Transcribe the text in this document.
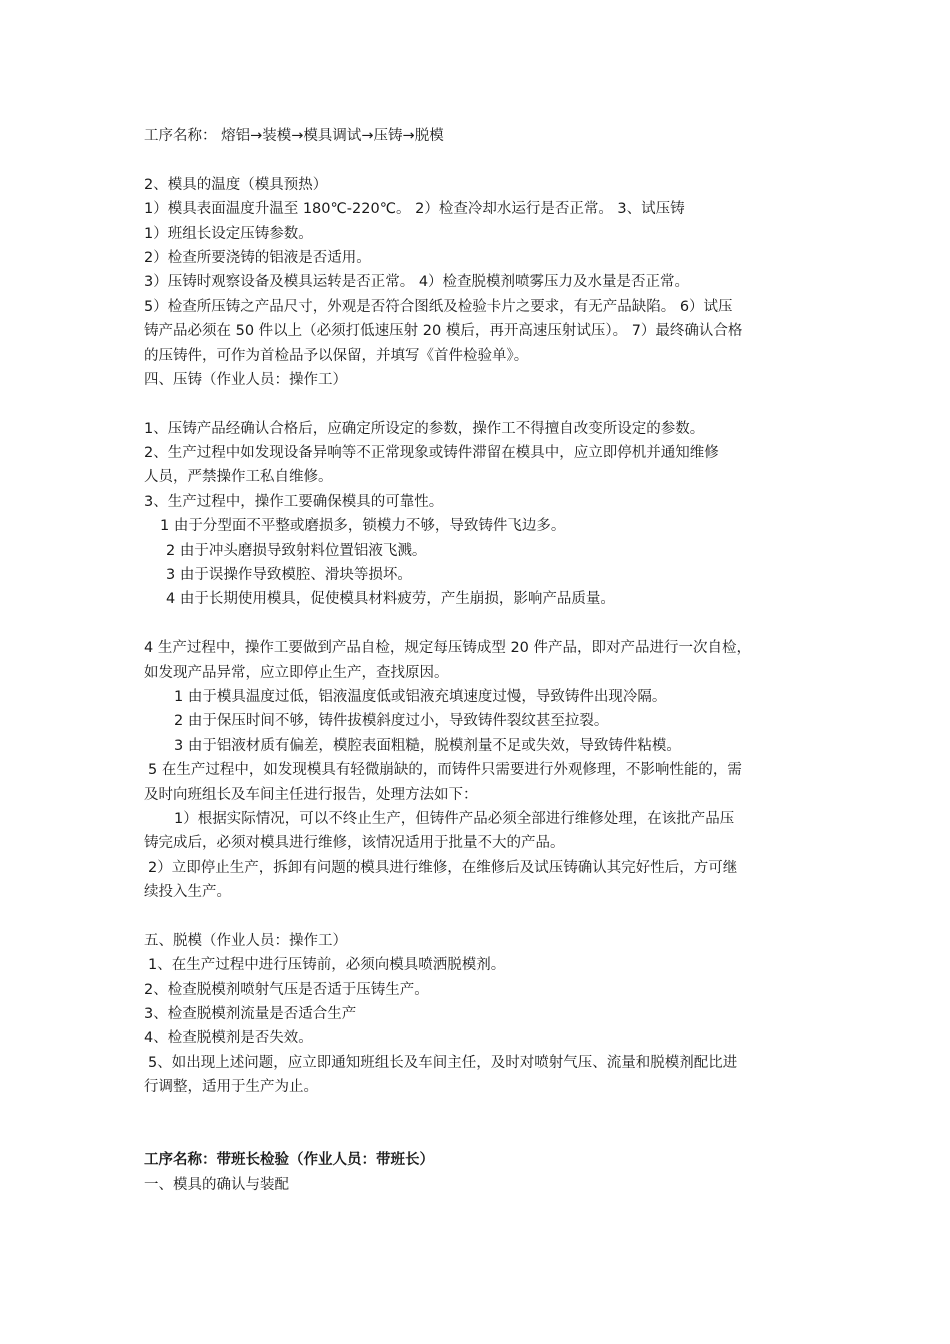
工序名称： 熔铝→装模→模具调试→压铸→脱模
2、模具的温度（模具预热）
1）模具表面温度升温至 180℃-220℃。 2）检查冷却水运行是否正常。 3、试压铸
1）班组长设定压铸参数。
2）检查所要浇铸的铝液是否适用。
3）压铸时观察设备及模具运转是否正常。 4）检查脱模剂喷雾压力及水量是否正常。
5）检查所压铸之产品尺寸，外观是否符合图纸及检验卡片之要求，有无产品缺陷。 6）试压
铸产品必须在 50 件以上（必须打低速压射 20 模后，再开高速压射试压）。 7）最终确认合格
的压铸件，可作为首检品予以保留，并填写《首件检验单》。
四、压铸（作业人员：操作工）
1、压铸产品经确认合格后，应确定所设定的参数，操作工不得擅自改变所设定的参数。
2、生产过程中如发现设备异响等不正常现象或铸件滞留在模具中，应立即停机并通知维修
人员，严禁操作工私自维修。
3、生产过程中，操作工要确保模具的可靠性。
1 由于分型面不平整或磨损多，锁模力不够，导致铸件飞边多。
2 由于冲头磨损导致射料位置铝液飞溅。
3 由于误操作导致模腔、滑块等损坏。
4 由于长期使用模具，促使模具材料疲劳，产生崩损，影响产品质量。
4 生产过程中，操作工要做到产品自检，规定每压铸成型 20 件产品，即对产品进行一次自检，
如发现产品异常，应立即停止生产，查找原因。
1 由于模具温度过低，铝液温度低或铝液充填速度过慢，导致铸件出现冷隔。
2 由于保压时间不够，铸件拔模斜度过小，导致铸件裂纹甚至拉裂。
3 由于铝液材质有偏差，模腔表面粗糙，脱模剂量不足或失效，导致铸件粘模。
5 在生产过程中，如发现模具有轻微崩缺的，而铸件只需要进行外观修理，不影响性能的，需
及时向班组长及车间主任进行报告，处理方法如下：
1）根据实际情况，可以不终止生产，但铸件产品必须全部进行维修处理，在该批产品压
铸完成后，必须对模具进行维修，该情况适用于批量不大的产品。
2）立即停止生产，拆卸有问题的模具进行维修，在维修后及试压铸确认其完好性后，方可继
续投入生产。
五、脱模（作业人员：操作工）
1、在生产过程中进行压铸前，必须向模具喷洒脱模剂。
2、检查脱模剂喷射气压是否适于压铸生产。
3、检查脱模剂流量是否适合生产
4、检查脱模剂是否失效。
5、如出现上述问题，应立即通知班组长及车间主任，及时对喷射气压、流量和脱模剂配比进
行调整，适用于生产为止。
工序名称：带班长检验（作业人员：带班长）
一、模具的确认与装配
